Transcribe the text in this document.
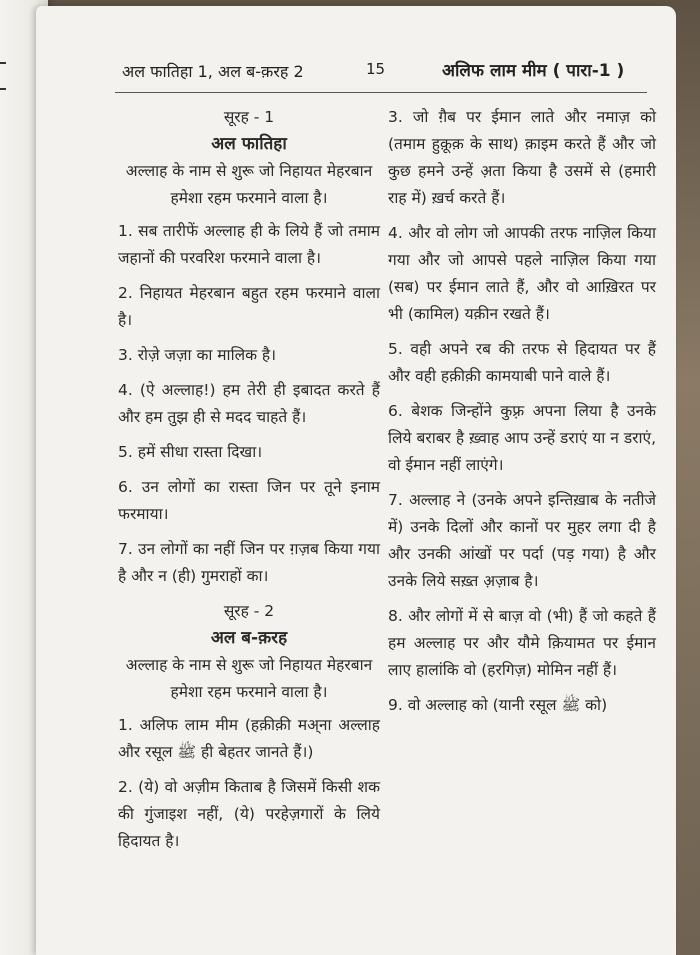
अल फातिहा 1, अल ब-क़रह 2	15	अलिफ लाम मीम ( पारा-1 )
सूरह - 1
अल फातिहा
अल्लाह के नाम से शुरू जो निहायत मेहरबान हमेशा रहम फरमाने वाला है।

1. सब तारीफें अल्लाह ही के लिये हैं जो तमाम जहानों की परवरिश फरमाने वाला है।

2. निहायत मेहरबान बहुत रहम फरमाने वाला है।

3. रोज़े जज़ा का मालिक है।

4. (ऐ अल्लाह!) हम तेरी ही इबादत करते हैं और हम तुझ ही से मदद चाहते हैं।

5. हमें सीधा रास्ता दिखा।

6. उन लोगों का रास्ता जिन पर तूने इनाम फरमाया।

7. उन लोगों का नहीं जिन पर ग़ज़ब किया गया है और न (ही) गुमराहों का।

सूरह - 2
अल ब-क़रह
अल्लाह के नाम से शुरू जो निहायत मेहरबान हमेशा रहम फरमाने वाला है।

1. अलिफ लाम मीम (हक़ीक़ी मअ्ना अल्लाह और रसूल ﷺ ही बेहतर जानते हैं।)

2. (ये) वो अज़ीम किताब है जिसमें किसी शक की गुंजाइश नहीं, (ये) परहेज़गारों के लिये हिदायत है।

3. जो ग़ैब पर ईमान लाते और नमाज़ को (तमाम हुक़ूक़ के साथ) क़ाइम करते हैं और जो कुछ हमने उन्हें अ़ता किया है उसमें से (हमारी राह में) ख़र्च करते हैं।

4. और वो लोग जो आपकी तरफ नाज़िल किया गया और जो आपसे पहले नाज़िल किया गया (सब) पर ईमान लाते हैं, और वो आख़िरत पर भी (कामिल) यक़ीन रखते हैं।

5. वही अपने रब की तरफ से हिदायत पर हैं और वही हक़ीक़ी कामयाबी पाने वाले हैं।

6. बेशक जिन्होंने कुफ़्र अपना लिया है उनके लिये बराबर है ख़्वाह आप उन्हें डराएं या न डराएं, वो ईमान नहीं लाएंगे।

7. अल्लाह ने (उनके अपने इन्तिख़ाब के नतीजे में) उनके दिलों और कानों पर मुहर लगा दी है और उनकी आंखों पर पर्दा (पड़ गया) है और उनके लिये सख़्त अ़ज़ाब है।

8. और लोगों में से बाज़ वो (भी) हैं जो कहते हैं हम अल्लाह पर और यौमे क़ियामत पर ईमान लाए हालांकि वो (हरगिज़) मोमिन नहीं हैं।

9. वो अल्लाह को (यानी रसूल ﷺ को)
